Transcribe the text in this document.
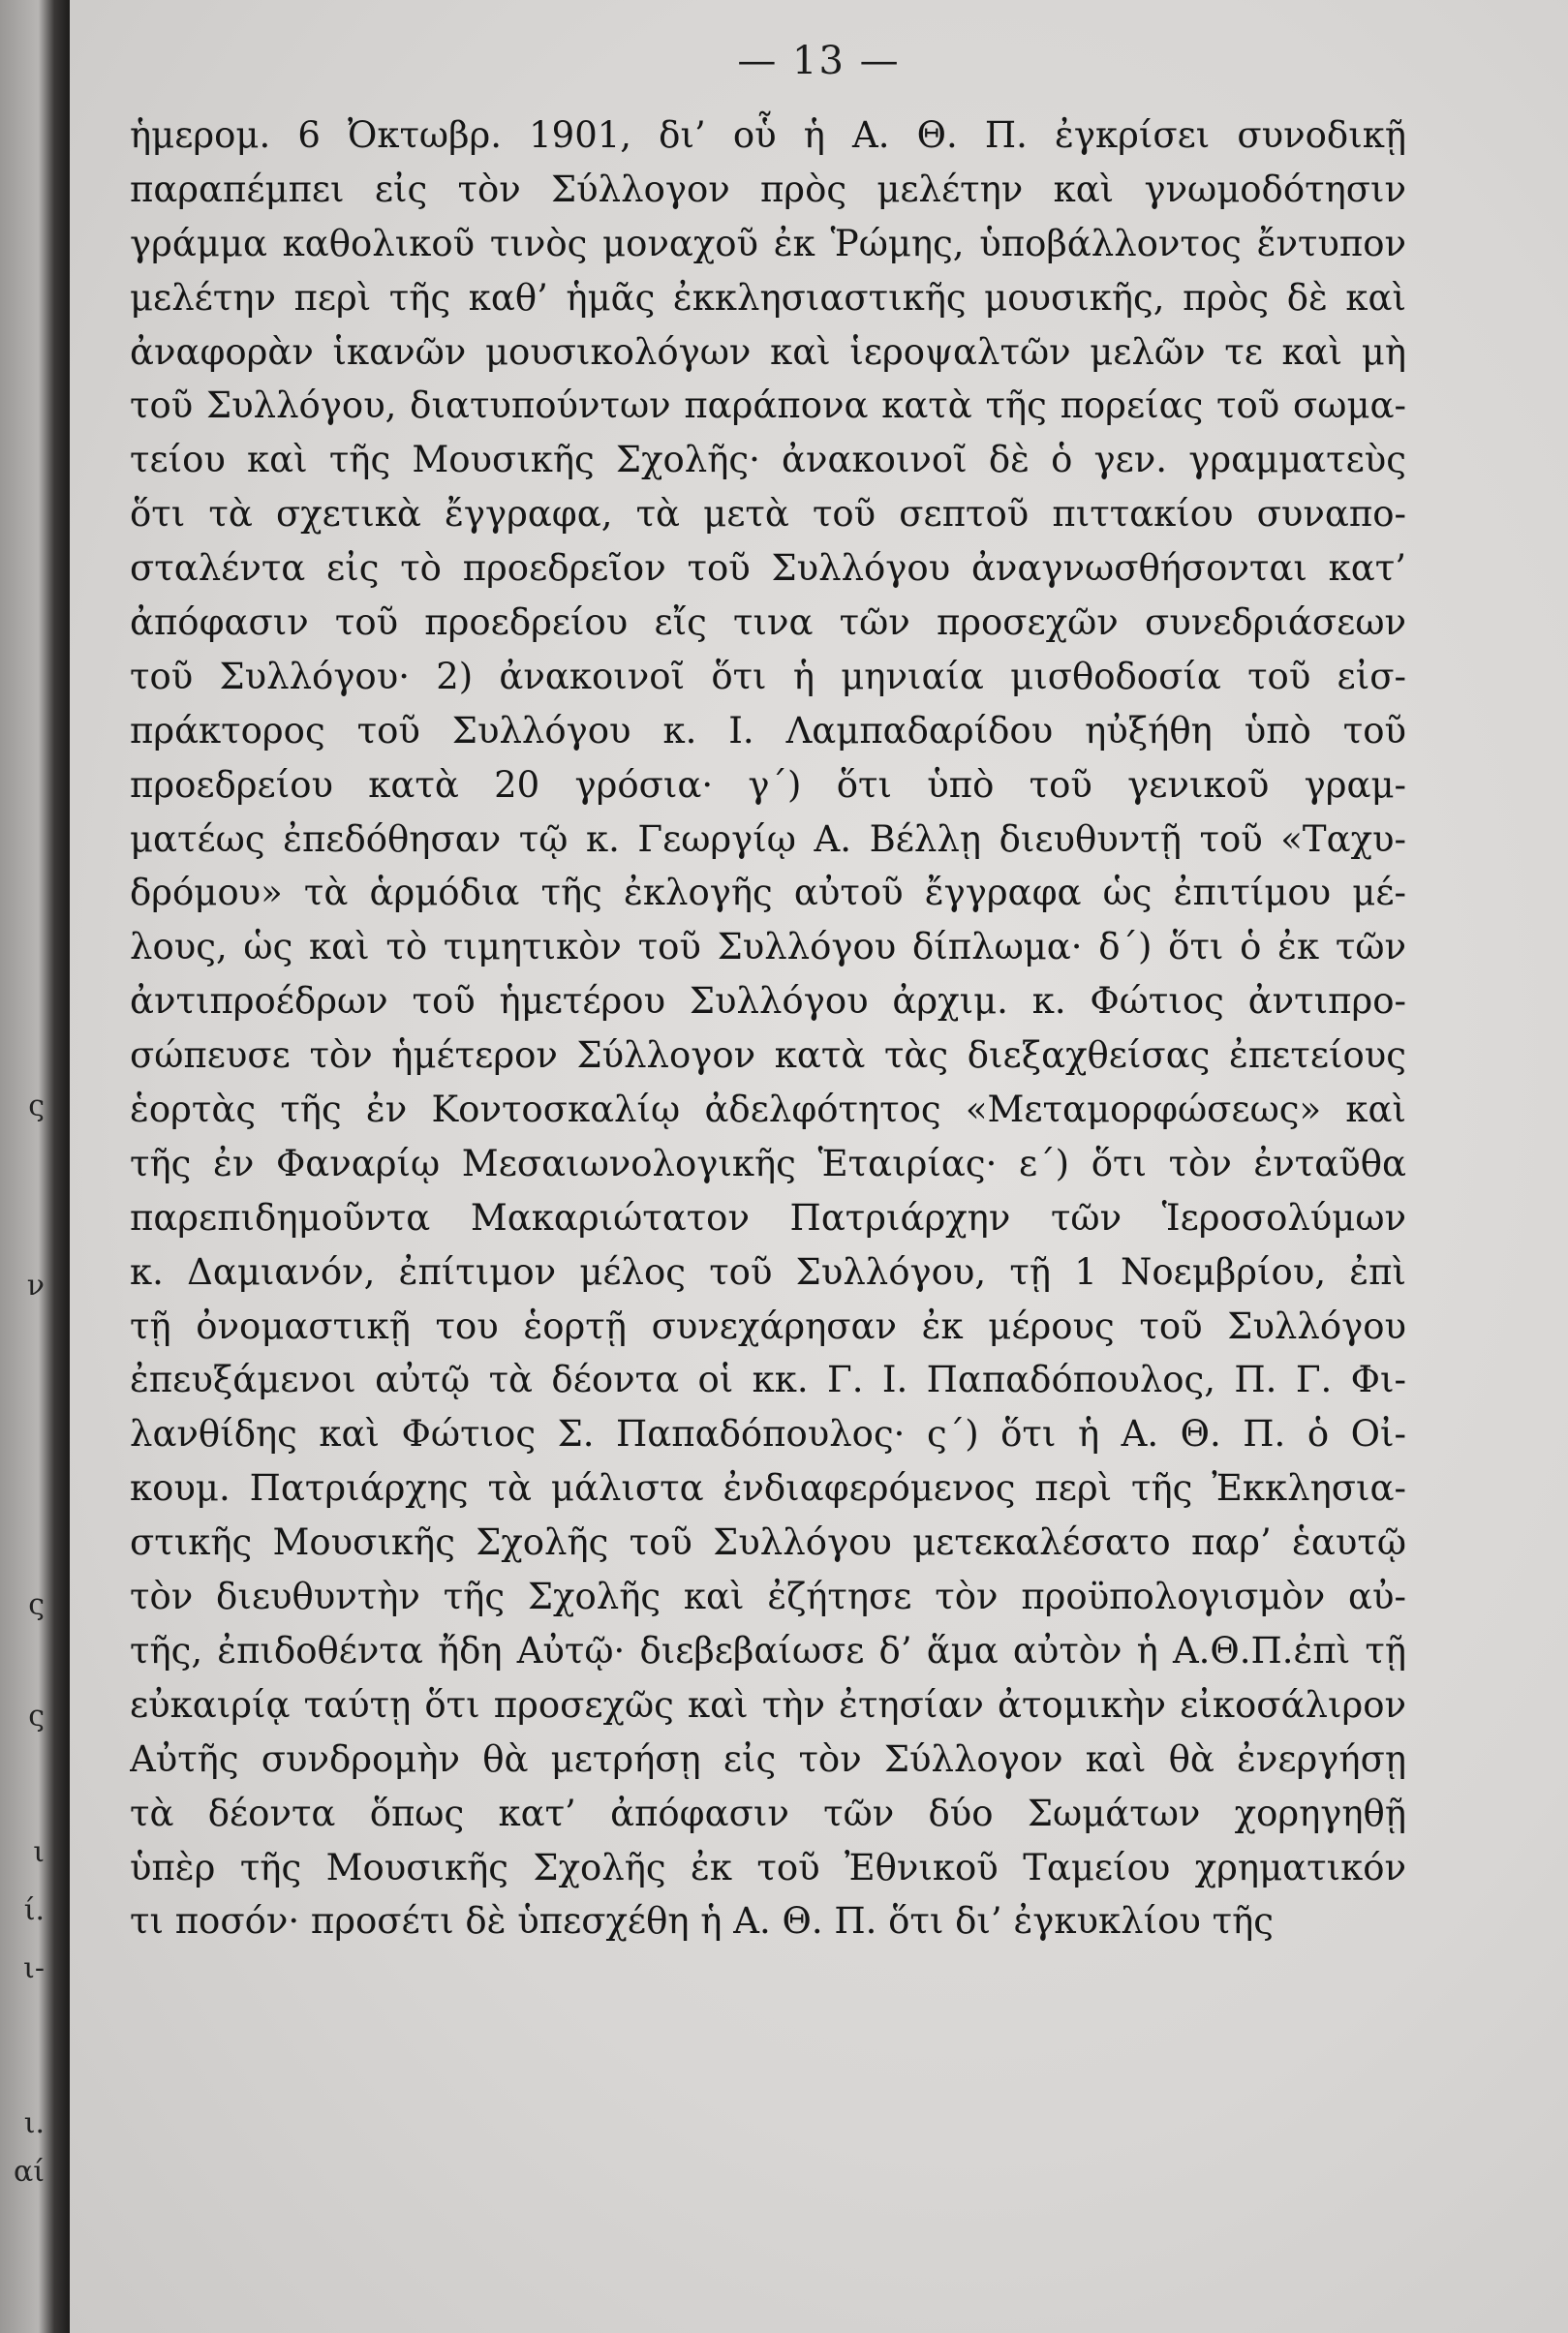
ς
ν
ς
ς
ι
ί.
ι-
ι.
αί
— 13 —
ἡμερομ. 6 Ὀκτωβρ. 1901, δι’ οὗ ἡ Α. Θ. Π. ἐγκρίσει συνοδικῇ
παραπέμπει εἰς τὸν Σύλλογον πρὸς μελέτην καὶ γνωμοδότησιν
γράμμα καθολικοῦ τινὸς μοναχοῦ ἐκ Ῥώμης, ὑποβάλλοντος ἔντυπον
μελέτην περὶ τῆς καθ’ ἡμᾶς ἐκκλησιαστικῆς μουσικῆς, πρὸς δὲ καὶ
ἀναφορὰν ἱκανῶν μουσικολόγων καὶ ἱεροψαλτῶν μελῶν τε καὶ μὴ
τοῦ Συλλόγου, διατυπούντων παράπονα κατὰ τῆς πορείας τοῦ σωμα-
τείου καὶ τῆς Μουσικῆς Σχολῆς· ἀνακοινοῖ δὲ ὁ γεν. γραμματεὺς
ὅτι τὰ σχετικὰ ἔγγραφα, τὰ μετὰ τοῦ σεπτοῦ πιττακίου συναπο-
σταλέντα εἰς τὸ προεδρεῖον τοῦ Συλλόγου ἀναγνωσθήσονται κατ’
ἀπόφασιν τοῦ προεδρείου εἴς τινα τῶν προσεχῶν συνεδριάσεων
τοῦ Συλλόγου· 2) ἀνακοινοῖ ὅτι ἡ μηνιαία μισθοδοσία τοῦ εἰσ-
πράκτορος τοῦ Συλλόγου κ. Ι. Λαμπαδαρίδου ηὐξήθη ὑπὸ τοῦ
προεδρείου κατὰ 20 γρόσια· γ΄) ὅτι ὑπὸ τοῦ γενικοῦ γραμ-
ματέως ἐπεδόθησαν τῷ κ. Γεωργίῳ Α. Βέλλῃ διευθυντῇ τοῦ «Ταχυ-
δρόμου» τὰ ἁρμόδια τῆς ἐκλογῆς αὐτοῦ ἔγγραφα ὡς ἐπιτίμου μέ-
λους, ὡς καὶ τὸ τιμητικὸν τοῦ Συλλόγου δίπλωμα· δ΄) ὅτι ὁ ἐκ τῶν
ἀντιπροέδρων τοῦ ἡμετέρου Συλλόγου ἀρχιμ. κ. Φώτιος ἀντιπρο-
σώπευσε τὸν ἡμέτερον Σύλλογον κατὰ τὰς διεξαχθείσας ἐπετείους
ἑορτὰς τῆς ἐν Κοντοσκαλίῳ ἀδελφότητος «Μεταμορφώσεως» καὶ
τῆς ἐν Φαναρίῳ Μεσαιωνολογικῆς Ἑταιρίας· ε΄) ὅτι τὸν ἐνταῦθα
παρεπιδημοῦντα Μακαριώτατον Πατριάρχην τῶν Ἱεροσολύμων
κ. Δαμιανόν, ἐπίτιμον μέλος τοῦ Συλλόγου, τῇ 1 Νοεμβρίου, ἐπὶ
τῇ ὀνομαστικῇ του ἑορτῇ συνεχάρησαν ἐκ μέρους τοῦ Συλλόγου
ἐπευξάμενοι αὐτῷ τὰ δέοντα οἱ κκ. Γ. Ι. Παπαδόπουλος, Π. Γ. Φι-
λανθίδης καὶ Φώτιος Σ. Παπαδόπουλος· ς΄) ὅτι ἡ Α. Θ. Π. ὁ Οἰ-
κουμ. Πατριάρχης τὰ μάλιστα ἐνδιαφερόμενος περὶ τῆς Ἐκκλησια-
στικῆς Μουσικῆς Σχολῆς τοῦ Συλλόγου μετεκαλέσατο παρ’ ἑαυτῷ
τὸν διευθυντὴν τῆς Σχολῆς καὶ ἐζήτησε τὸν προϋπολογισμὸν αὐ-
τῆς, ἐπιδοθέντα ἤδη Αὐτῷ· διεβεβαίωσε δ’ ἅμα αὐτὸν ἡ Α.Θ.Π.ἐπὶ τῇ
εὐκαιρίᾳ ταύτῃ ὅτι προσεχῶς καὶ τὴν ἐτησίαν ἀτομικὴν εἰκοσάλιρον
Αὐτῆς συνδρομὴν θὰ μετρήσῃ εἰς τὸν Σύλλογον καὶ θὰ ἐνεργήσῃ
τὰ δέοντα ὅπως κατ’ ἀπόφασιν τῶν δύο Σωμάτων χορηγηθῇ
ὑπὲρ τῆς Μουσικῆς Σχολῆς ἐκ τοῦ Ἐθνικοῦ Ταμείου χρηματικόν
τι ποσόν· προσέτι δὲ ὑπεσχέθη ἡ Α. Θ. Π. ὅτι δι’ ἐγκυκλίου τῆς
